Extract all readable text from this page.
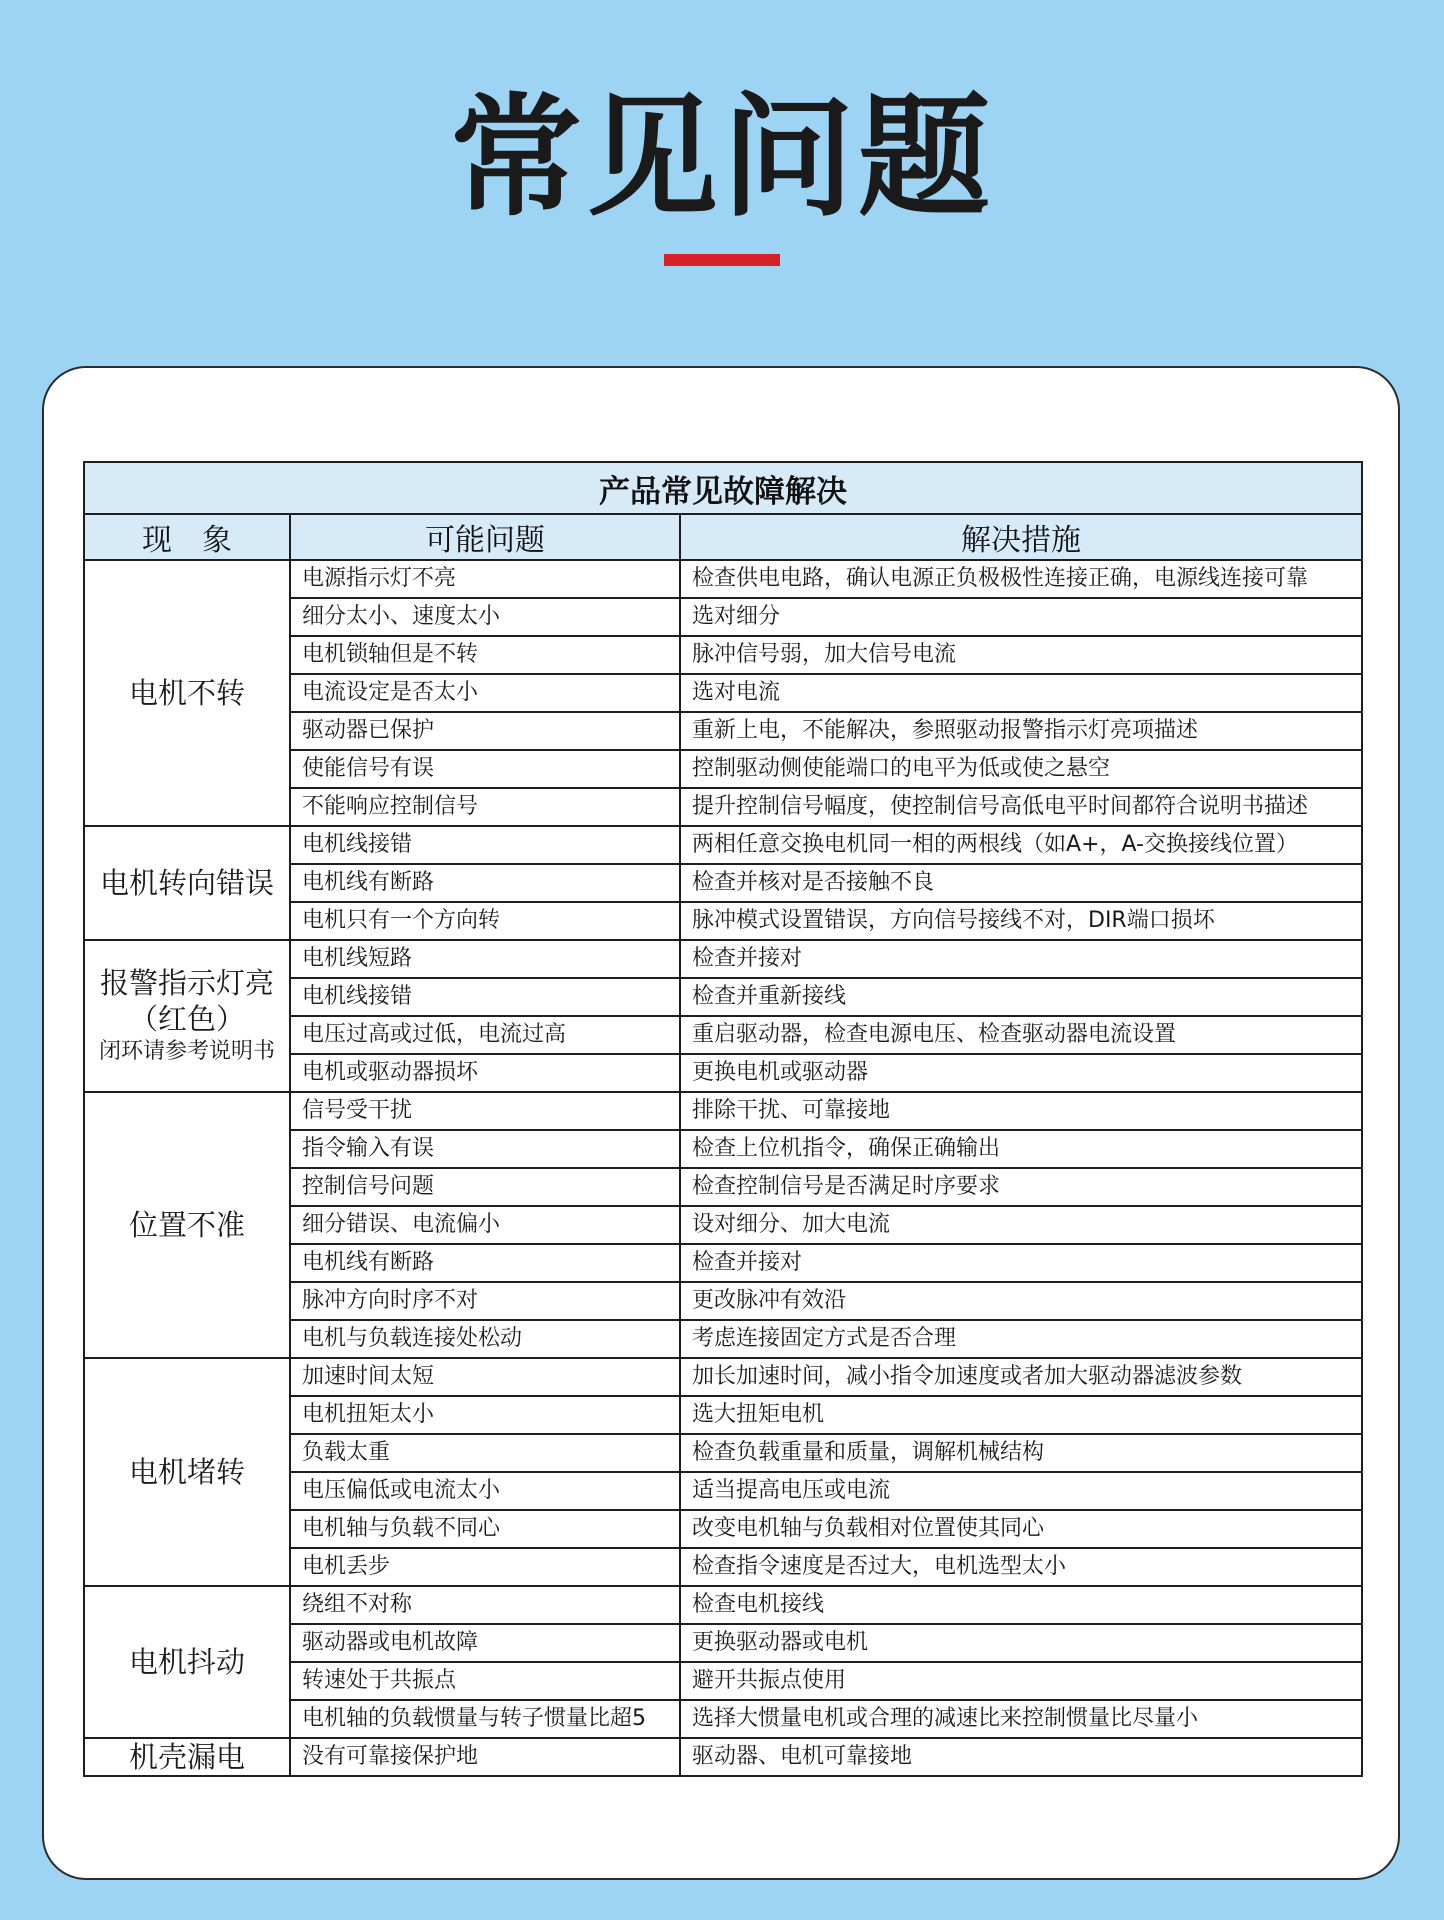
常见问题
产品常见故障解决		
现　象	可能问题	解决措施

电机不转	电源指示灯不亮	检查供电电路，确认电源正负极极性连接正确，电源线连接可靠
	细分太小、速度太小	选对细分
	电机锁轴但是不转	脉冲信号弱，加大信号电流
	电流设定是否太小	选对电流
	驱动器已保护	重新上电，不能解决，参照驱动报警指示灯亮项描述
	使能信号有误	控制驱动侧使能端口的电平为低或使之悬空
	不能响应控制信号	提升控制信号幅度，使控制信号高低电平时间都符合说明书描述

电机转向错误	电机线接错	两相任意交换电机同一相的两根线（如A+，A-交换接线位置）
	电机线有断路	检查并核对是否接触不良
	电机只有一个方向转	脉冲模式设置错误，方向信号接线不对，DIR端口损坏

报警指示灯亮
（红色）
闭环请参考说明书	电机线短路	检查并接对
	电机线接错	检查并重新接线
	电压过高或过低，电流过高	重启驱动器，检查电源电压、检查驱动器电流设置
	电机或驱动器损坏	更换电机或驱动器

位置不准	信号受干扰	排除干扰、可靠接地
	指令输入有误	检查上位机指令，确保正确输出
	控制信号问题	检查控制信号是否满足时序要求
	细分错误、电流偏小	设对细分、加大电流
	电机线有断路	检查并接对
	脉冲方向时序不对	更改脉冲有效沿
	电机与负载连接处松动	考虑连接固定方式是否合理

电机堵转	加速时间太短	加长加速时间，减小指令加速度或者加大驱动器滤波参数
	电机扭矩太小	选大扭矩电机
	负载太重	检查负载重量和质量，调解机械结构
	电压偏低或电流太小	适当提高电压或电流
	电机轴与负载不同心	改变电机轴与负载相对位置使其同心
	电机丢步	检查指令速度是否过大，电机选型太小

电机抖动	绕组不对称	检查电机接线
	驱动器或电机故障	更换驱动器或电机
	转速处于共振点	避开共振点使用
	电机轴的负载惯量与转子惯量比超5	选择大惯量电机或合理的减速比来控制惯量比尽量小

机壳漏电	没有可靠接保护地	驱动器、电机可靠接地
